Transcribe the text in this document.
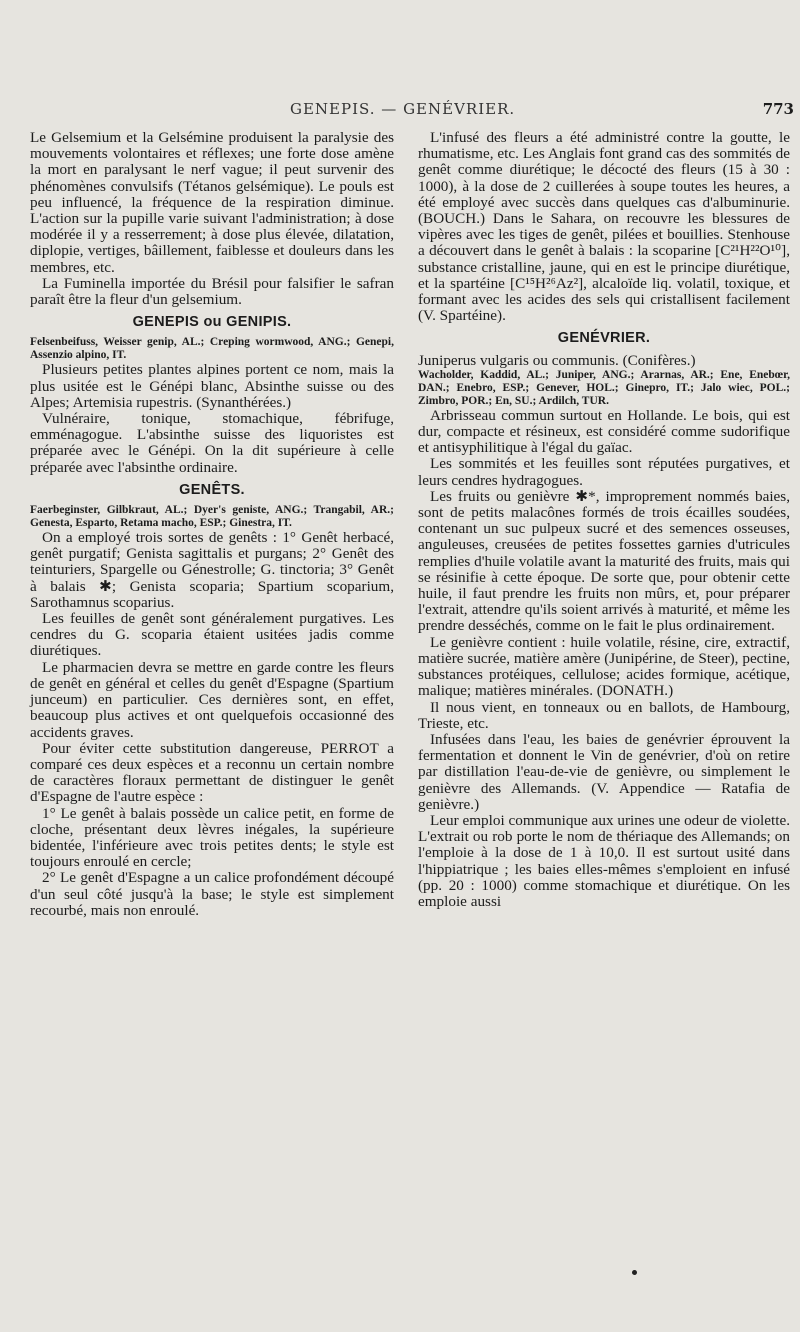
GENEPIS. — GENÉVRIER.	773

Le Gelsemium et la Gelsémine produisent la paralysie des mouvements volontaires et réflexes; une forte dose amène la mort en paralysant le nerf vague; il peut survenir des phénomènes convulsifs (Tétanos gelsémique). Le pouls est peu influencé, la fréquence de la respiration diminue. L'action sur la pupille varie suivant l'administration; à dose modérée il y a resserrement; à dose plus élevée, dilatation, diplopie, vertiges, bâillement, faiblesse et douleurs dans les membres, etc.

La Fuminella importée du Brésil pour falsifier le safran paraît être la fleur d'un gelsemium.

GENEPIS ou GENIPIS.

Felsenbeifuss, Weisser genip, AL.; Creping wormwood, ANG.; Genepi, Assenzio alpino, IT.

Plusieurs petites plantes alpines portent ce nom, mais la plus usitée est le Génépi blanc, Absinthe suisse ou des Alpes; Artemisia rupestris. (Synanthérées.)

Vulnéraire, tonique, stomachique, fébrifuge, emménagogue. L'absinthe suisse des liquoristes est préparée avec le Génépi. On la dit supérieure à celle préparée avec l'absinthe ordinaire.

GENÊTS.

Faerbeginster, Gilbkraut, AL.; Dyer's geniste, ANG.; Trangabil, AR.; Genesta, Esparto, Retama macho, ESP.; Ginestra, IT.

On a employé trois sortes de genêts : 1° Genêt herbacé, genêt purgatif; Genista sagittalis et purgans; 2° Genêt des teinturiers, Spargelle ou Génestrolle; G. tinctoria; 3° Genêt à balais ✱; Genista scoparia; Spartium scoparium, Sarothamnus scoparius.

Les feuilles de genêt sont généralement purgatives. Les cendres du G. scoparia étaient usitées jadis comme diurétiques.

Le pharmacien devra se mettre en garde contre les fleurs de genêt en général et celles du genêt d'Espagne (Spartium junceum) en particulier. Ces dernières sont, en effet, beaucoup plus actives et ont quelquefois occasionné des accidents graves.

Pour éviter cette substitution dangereuse, PERROT a comparé ces deux espèces et a reconnu un certain nombre de caractères floraux permettant de distinguer le genêt d'Espagne de l'autre espèce :

1° Le genêt à balais possède un calice petit, en forme de cloche, présentant deux lèvres inégales, la supérieure bidentée, l'inférieure avec trois petites dents; le style est toujours enroulé en cercle;

2° Le genêt d'Espagne a un calice profondément découpé d'un seul côté jusqu'à la base; le style est simplement recourbé, mais non enroulé.

L'infusé des fleurs a été administré contre la goutte, le rhumatisme, etc. Les Anglais font grand cas des sommités de genêt comme diurétique; le décocté des fleurs (15 à 30 : 1000), à la dose de 2 cuillerées à soupe toutes les heures, a été employé avec succès dans quelques cas d'albuminurie. (BOUCH.) Dans le Sahara, on recouvre les blessures de vipères avec les tiges de genêt, pilées et bouillies. Stenhouse a découvert dans le genêt à balais : la scoparine [C²¹H²²O¹⁰], substance cristalline, jaune, qui en est le principe diurétique, et la spartéine [C¹⁵H²⁶Az²], alcaloïde liq. volatil, toxique, et formant avec les acides des sels qui cristallisent facilement (V. Spartéine).

GENÉVRIER.

Juniperus vulgaris ou communis. (Conifères.)

Wacholder, Kaddid, AL.; Juniper, ANG.; Ararnas, AR.; Ene, Enebœr, DAN.; Enebro, ESP.; Genever, HOL.; Ginepro, IT.; Jalo wiec, POL.; Zimbro, POR.; En, SU.; Ardilch, TUR.

Arbrisseau commun surtout en Hollande. Le bois, qui est dur, compacte et résineux, est considéré comme sudorifique et antisyphilitique à l'égal du gaïac.

Les sommités et les feuilles sont réputées purgatives, et leurs cendres hydragogues.

Les fruits ou genièvre ✱*, improprement nommés baies, sont de petits malacônes formés de trois écailles soudées, contenant un suc pulpeux sucré et des semences osseuses, anguleuses, creusées de petites fossettes garnies d'utricules remplies d'huile volatile avant la maturité des fruits, mais qui se résinifie à cette époque. De sorte que, pour obtenir cette huile, il faut prendre les fruits non mûrs, et, pour préparer l'extrait, attendre qu'ils soient arrivés à maturité, et même les prendre desséchés, comme on le fait le plus ordinairement.

Le genièvre contient : huile volatile, résine, cire, extractif, matière sucrée, matière amère (Junipérine, de Steer), pectine, substances protéiques, cellulose; acides formique, acétique, malique; matières minérales. (DONATH.)

Il nous vient, en tonneaux ou en ballots, de Hambourg, Trieste, etc.

Infusées dans l'eau, les baies de genévrier éprouvent la fermentation et donnent le Vin de genévrier, d'où on retire par distillation l'eau-de-vie de genièvre, ou simplement le genièvre des Allemands. (V. Appendice — Ratafia de genièvre.)

Leur emploi communique aux urines une odeur de violette. L'extrait ou rob porte le nom de thériaque des Allemands; on l'emploie à la dose de 1 à 10,0. Il est surtout usité dans l'hippiatrique ; les baies elles-mêmes s'emploient en infusé (pp. 20 : 1000) comme stomachique et diurétique. On les emploie aussi
